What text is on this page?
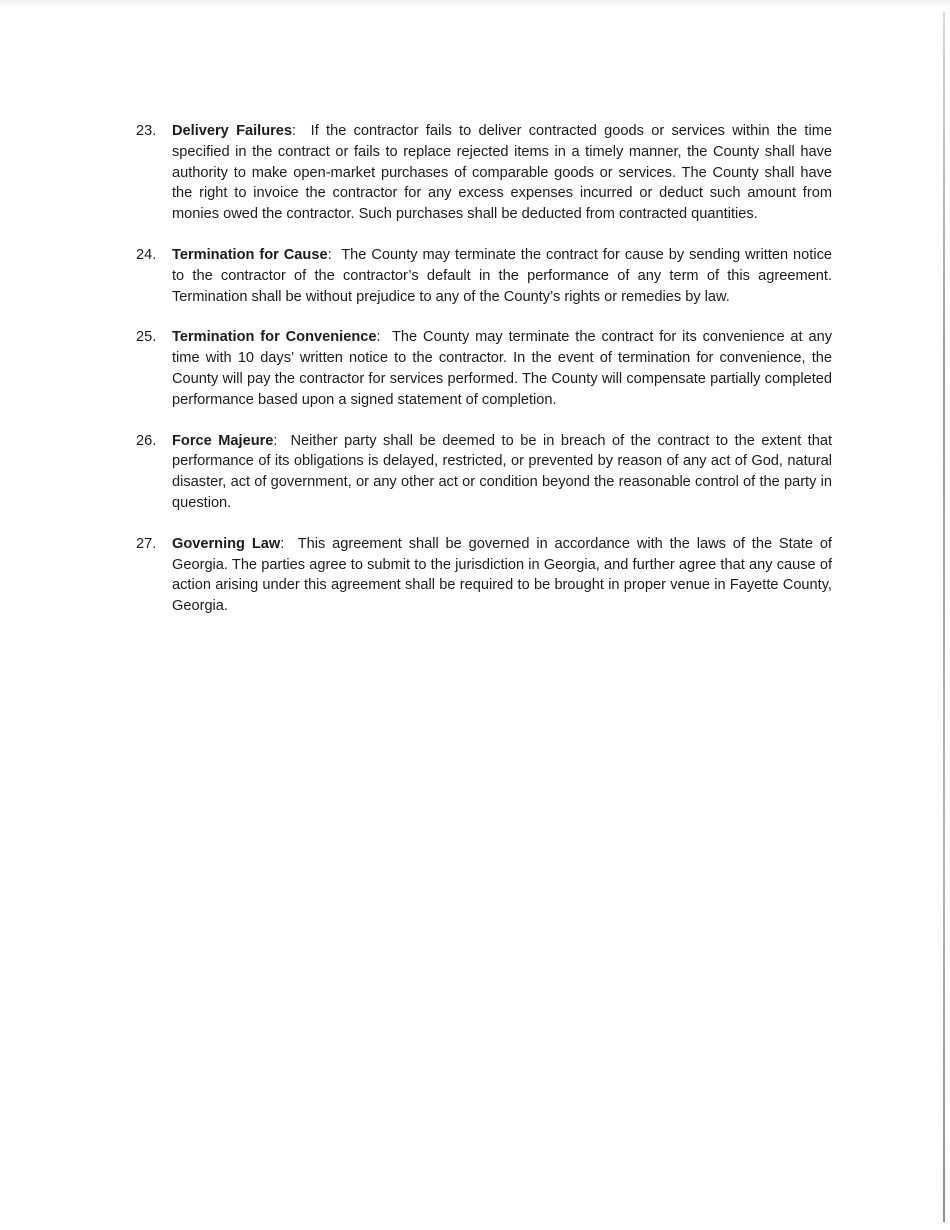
23. Delivery Failures:  If the contractor fails to deliver contracted goods or services within the time specified in the contract or fails to replace rejected items in a timely manner, the County shall have authority to make open-market purchases of comparable goods or services. The County shall have the right to invoice the contractor for any excess expenses incurred or deduct such amount from monies owed the contractor. Such purchases shall be deducted from contracted quantities.
24. Termination for Cause:  The County may terminate the contract for cause by sending written notice to the contractor of the contractor’s default in the performance of any term of this agreement. Termination shall be without prejudice to any of the County’s rights or remedies by law.
25. Termination for Convenience:  The County may terminate the contract for its convenience at any time with 10 days’ written notice to the contractor. In the event of termination for convenience, the County will pay the contractor for services performed. The County will compensate partially completed performance based upon a signed statement of completion.
26. Force Majeure:  Neither party shall be deemed to be in breach of the contract to the extent that performance of its obligations is delayed, restricted, or prevented by reason of any act of God, natural disaster, act of government, or any other act or condition beyond the reasonable control of the party in question.
27. Governing Law:  This agreement shall be governed in accordance with the laws of the State of Georgia. The parties agree to submit to the jurisdiction in Georgia, and further agree that any cause of action arising under this agreement shall be required to be brought in proper venue in Fayette County, Georgia.
